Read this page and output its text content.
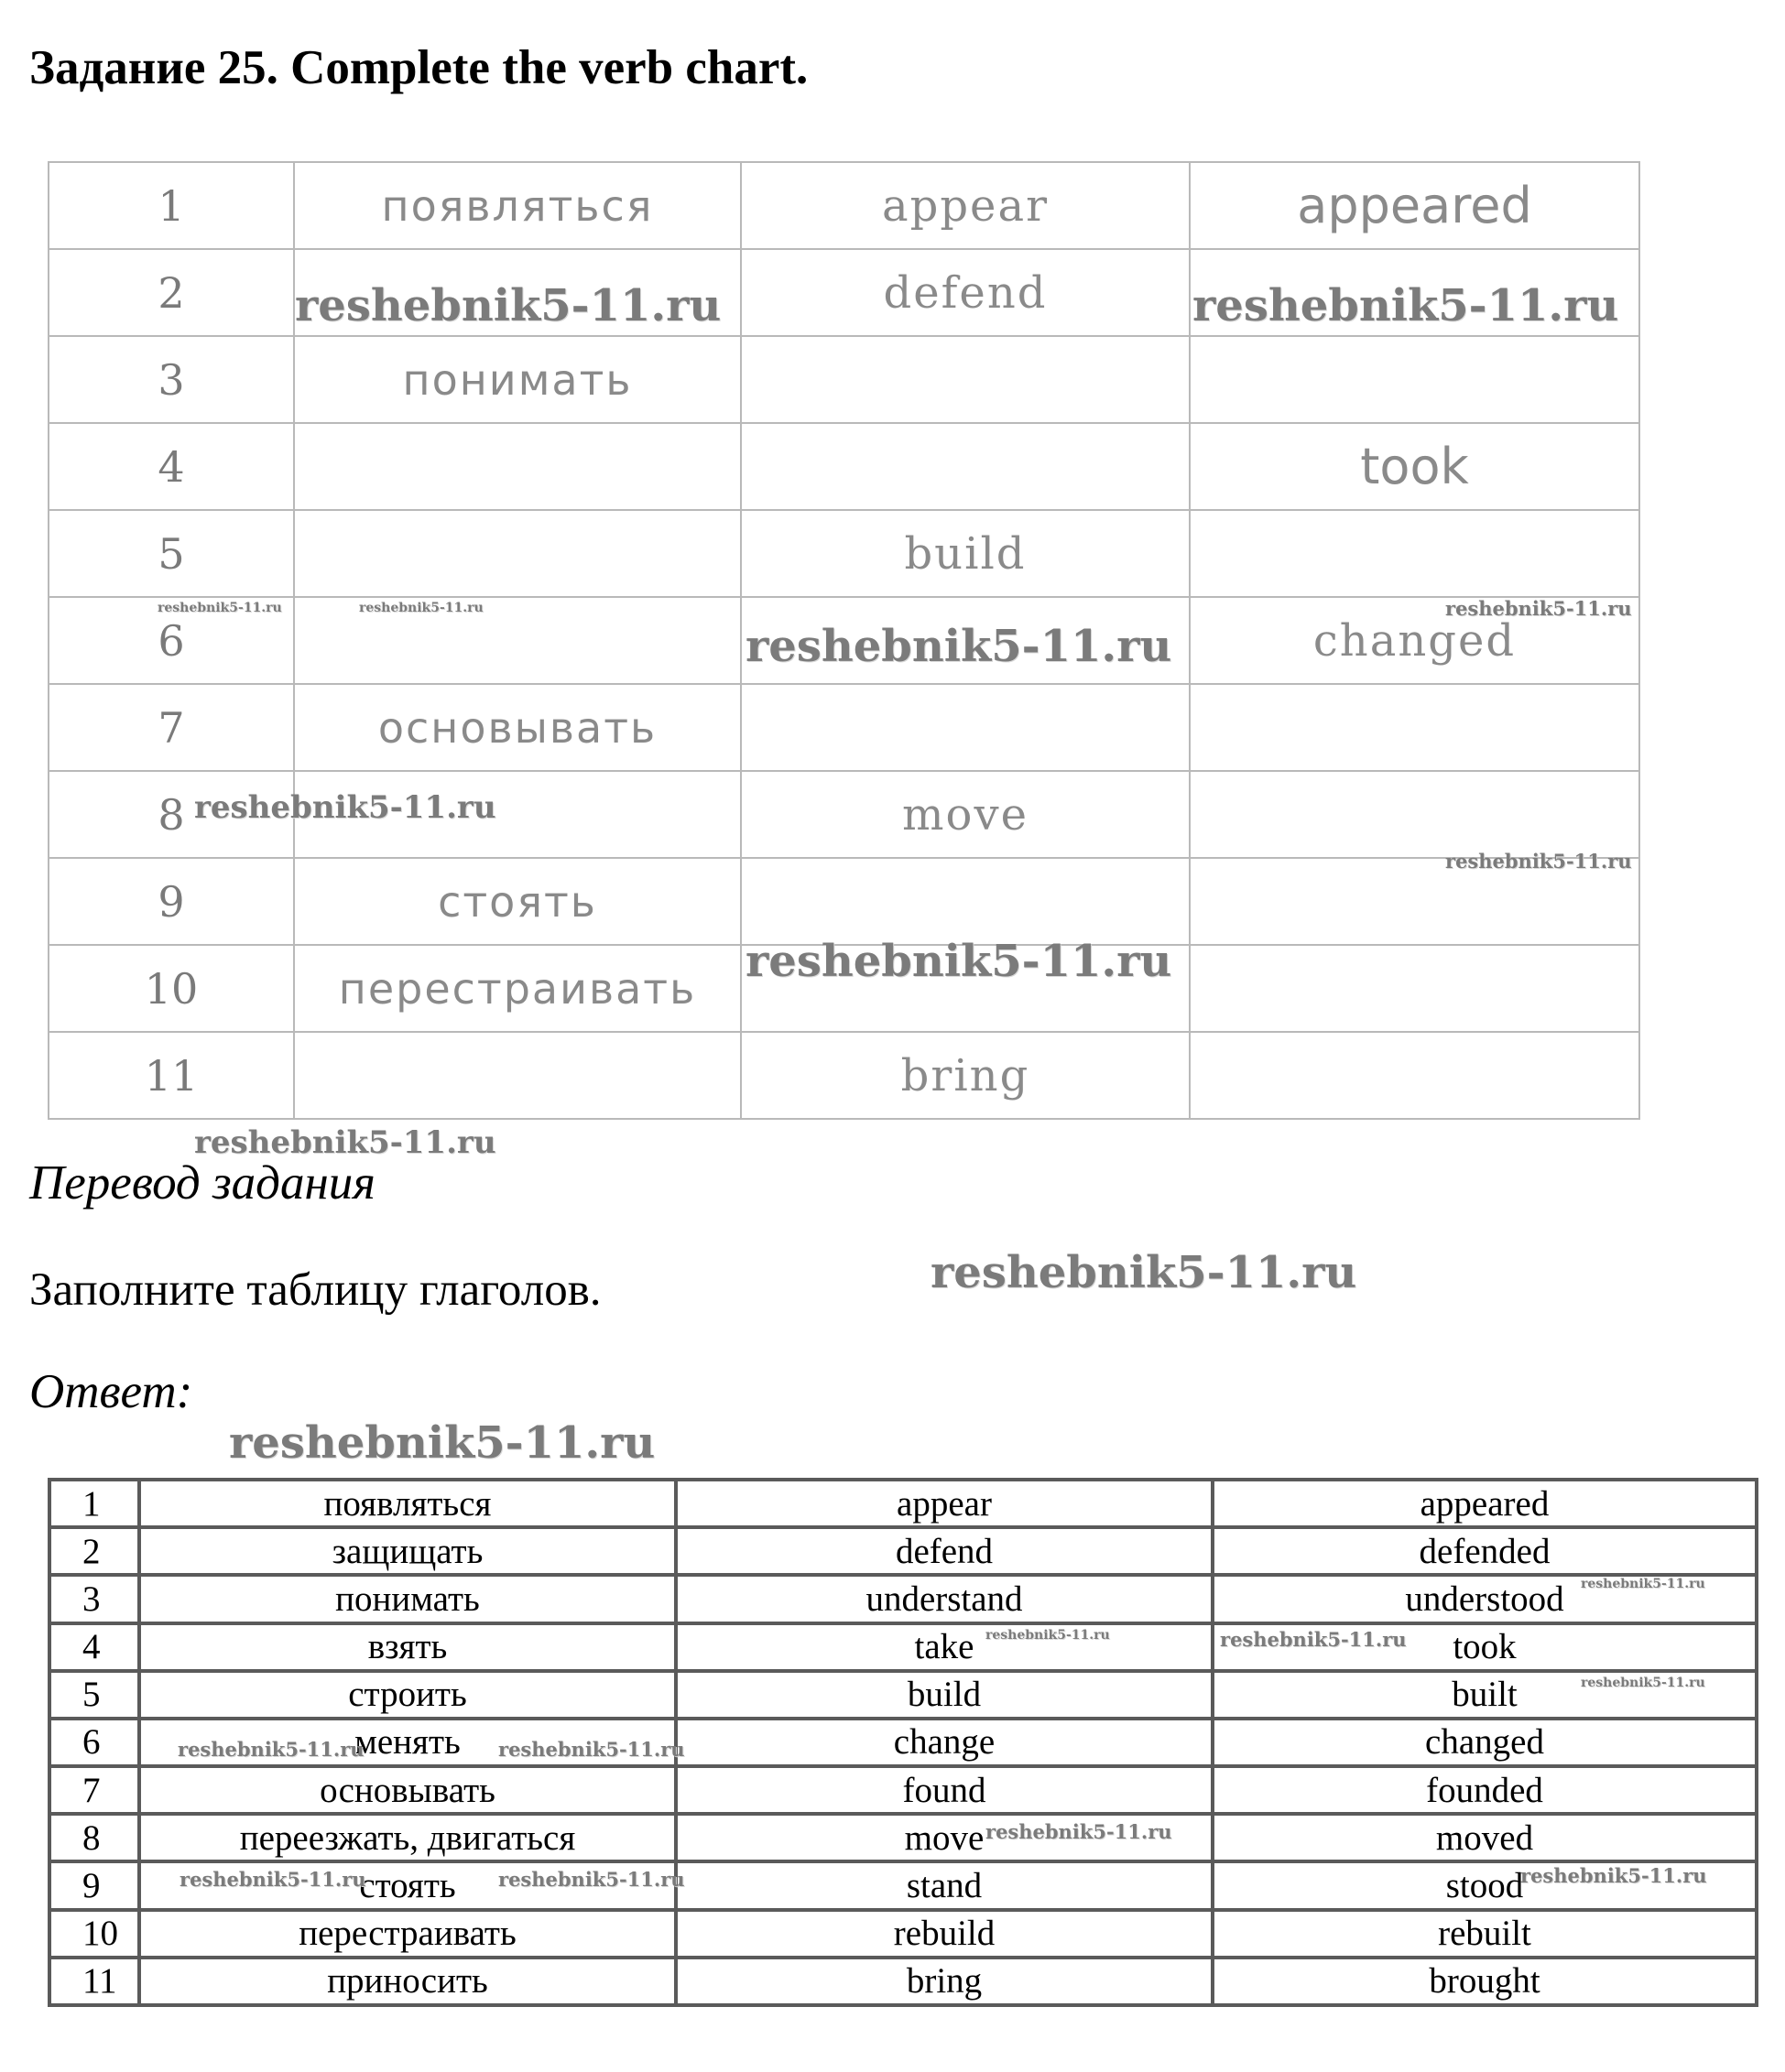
Задание 25. Complete the verb chart.
1	появляться	appear	appeared
2		defend	
3	понимать		
4			took
5		build	
6			changed
7	основывать		
8		move	
9	стоять		
10	перестраивать		
11		bring	
Перевод задания
Заполните таблицу глаголов.
Ответ:
1	появляться	appear	appeared
2	защищать	defend	defended
3	понимать	understand	understood
4	взять	take	took
5	строить	build	built
6	менять	change	changed
7	основывать	found	founded
8	переезжать, двигаться	move	moved
9	стоять	stand	stood
10	перестраивать	rebuild	rebuilt
11	приносить	bring	brought
reshebnik5-11.ru	reshebnik5-11.ru
reshebnik5-11.ru	reshebnik5-11.ru	reshebnik5-11.ru
reshebnik5-11.ru
reshebnik5-11.ru
reshebnik5-11.ru
reshebnik5-11.ru
reshebnik5-11.ru
reshebnik5-11.ru
reshebnik5-11.ru
reshebnik5-11.ru
reshebnik5-11.ru	reshebnik5-11.ru
reshebnik5-11.ru
reshebnik5-11.ru	reshebnik5-11.ru
reshebnik5-11.ru
reshebnik5-11.ru	reshebnik5-11.ru	reshebnik5-11.ru
